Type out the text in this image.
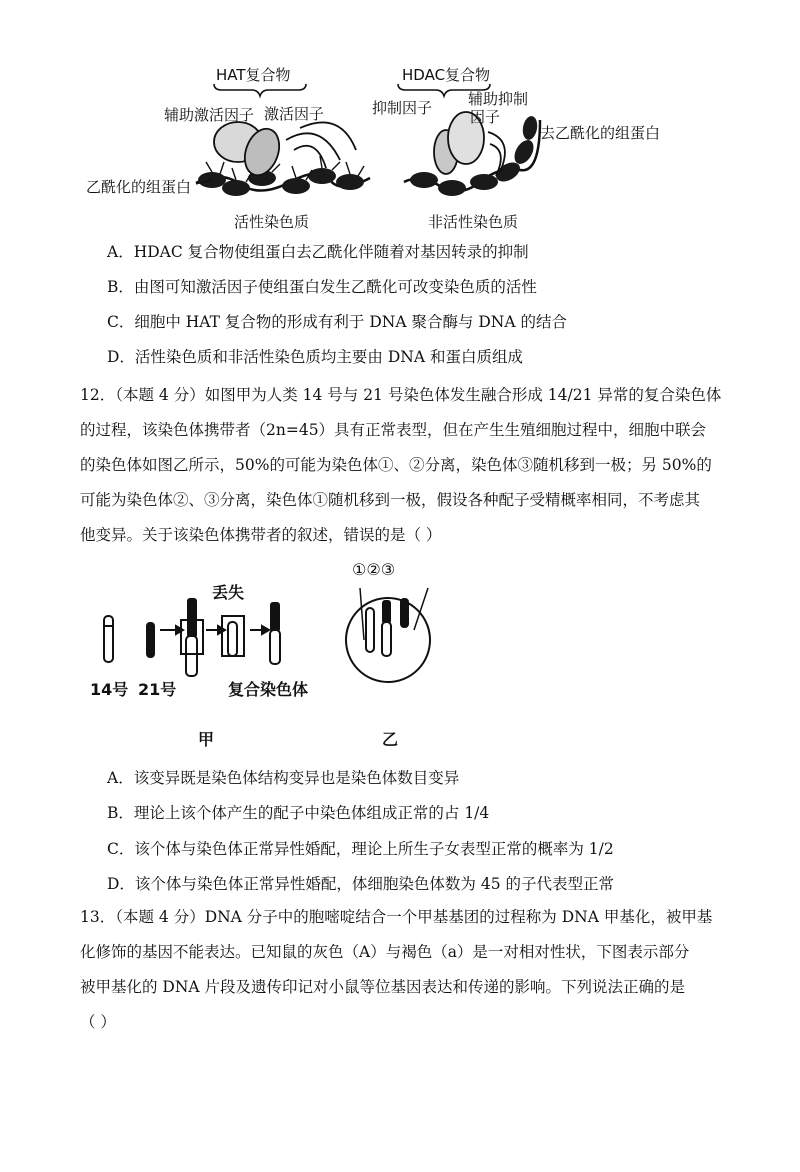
HAT复合物	HDAC复合物
辅助激活因子 激活因子	抑制因子 辅助抑制
因子
去乙酰化的组蛋白
乙酰化的组蛋白
活性染色质	非活性染色质
A．HDAC 复合物使组蛋白去乙酰化伴随着对基因转录的抑制
B．由图可知激活因子使组蛋白发生乙酰化可改变染色质的活性
C．细胞中 HAT 复合物的形成有利于 DNA 聚合酶与 DNA 的结合
D．活性染色质和非活性染色质均主要由 DNA 和蛋白质组成

12．（本题 4 分）如图甲为人类 14 号与 21 号染色体发生融合形成 14/21 异常的复合染色体

的过程，该染色体携带者（2n=45）具有正常表型，但在产生生殖细胞过程中，细胞中联会

的染色体如图乙所示，50%的可能为染色体①、②分离，染色体③随机移到一极；另 50%的

可能为染色体②、③分离，染色体①随机移到一极，假设各种配子受精概率相同，不考虑其

他变异。关于该染色体携带者的叙述，错误的是（ ）

丢失
①②③
14号 21号	复合染色体
甲	乙
A．该变异既是染色体结构变异也是染色体数目变异
B．理论上该个体产生的配子中染色体组成正常的占 1/4
C．该个体与染色体正常异性婚配，理论上所生子女表型正常的概率为 1/2
D．该个体与染色体正常异性婚配，体细胞染色体数为 45 的子代表型正常

13．（本题 4 分）DNA 分子中的胞嘧啶结合一个甲基基团的过程称为 DNA 甲基化，被甲基

化修饰的基因不能表达。已知鼠的灰色（A）与褐色（a）是一对相对性状，下图表示部分

被甲基化的 DNA 片段及遗传印记对小鼠等位基因表达和传递的影响。下列说法正确的是

（ ）
